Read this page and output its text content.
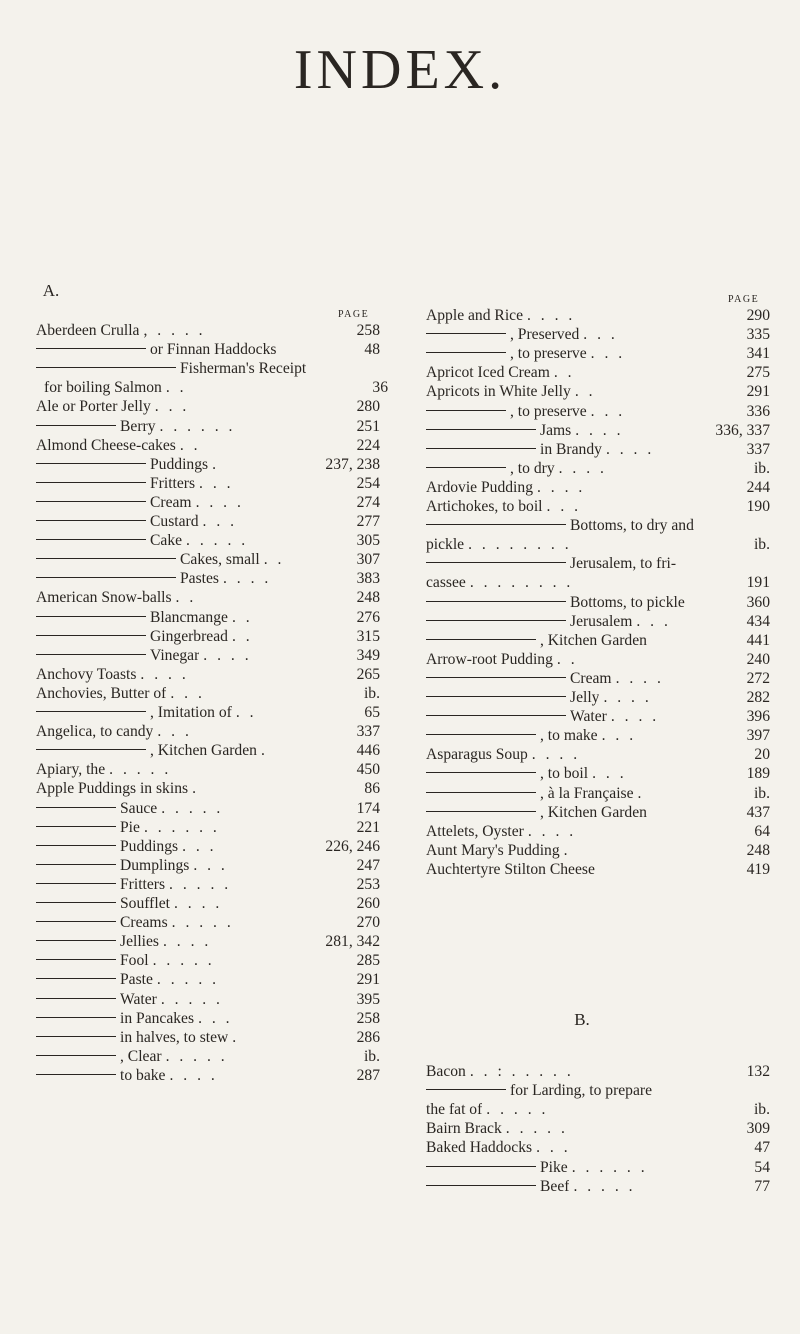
INDEX.
A.
PAGE
Aberdeen Crulla , . . . .	258
or Finnan Haddocks	48
Fisherman's Receipt
for boiling Salmon . .	36
Ale or Porter Jelly . . .	280
Berry . . . . . .	251
Almond Cheese-cakes . .	224
Puddings .	237, 238
Fritters . . .	254
Cream . . . .	274
Custard . . .	277
Cake . . . . .	305
Cakes, small . .	307
Pastes . . . .	383
American Snow-balls . .	248
Blancmange . .	276
Gingerbread . .	315
Vinegar . . . .	349
Anchovy Toasts . . . .	265
Anchovies, Butter of . . .	ib.
, Imitation of . .	65
Angelica, to candy . . .	337
, Kitchen Garden .	446
Apiary, the . . . . .	450
Apple Puddings in skins .	86
Sauce . . . . .	174
Pie . . . . . .	221
Puddings . . .	226, 246
Dumplings . . .	247
Fritters . . . . .	253
Soufflet . . . .	260
Creams . . . . .	270
Jellies . . . .	281, 342
Fool . . . . .	285
Paste . . . . .	291
Water . . . . .	395
in Pancakes . . .	258
in halves, to stew .	286
, Clear . . . . .	ib.
to bake . . . .	287
PAGE
Apple and Rice . . . .	290
, Preserved . . .	335
, to preserve . . .	341
Apricot Iced Cream . .	275
Apricots in White Jelly . .	291
, to preserve . . .	336
Jams . . . .	336, 337
in Brandy . . . .	337
, to dry . . . .	ib.
Ardovie Pudding . . . .	244
Artichokes, to boil . . .	190
Bottoms, to dry and
pickle . . . . . . . .	ib.
Jerusalem, to fri-
cassee . . . . . . . .	191
Bottoms, to pickle	360
Jerusalem . . .	434
, Kitchen Garden	441
Arrow-root Pudding . .	240
Cream . . . .	272
Jelly . . . .	282
Water . . . .	396
, to make . . .	397
Asparagus Soup . . . .	20
, to boil . . .	189
, à la Française .	ib.
, Kitchen Garden	437
Attelets, Oyster . . . .	64
Aunt Mary's Pudding .	248
Auchtertyre Stilton Cheese	419
B.
Bacon . . : . . . . .	132
for Larding, to prepare
the fat of . . . . .	ib.
Bairn Brack . . . . .	309
Baked Haddocks . . .	47
Pike . . . . . .	54
Beef . . . . .	77
